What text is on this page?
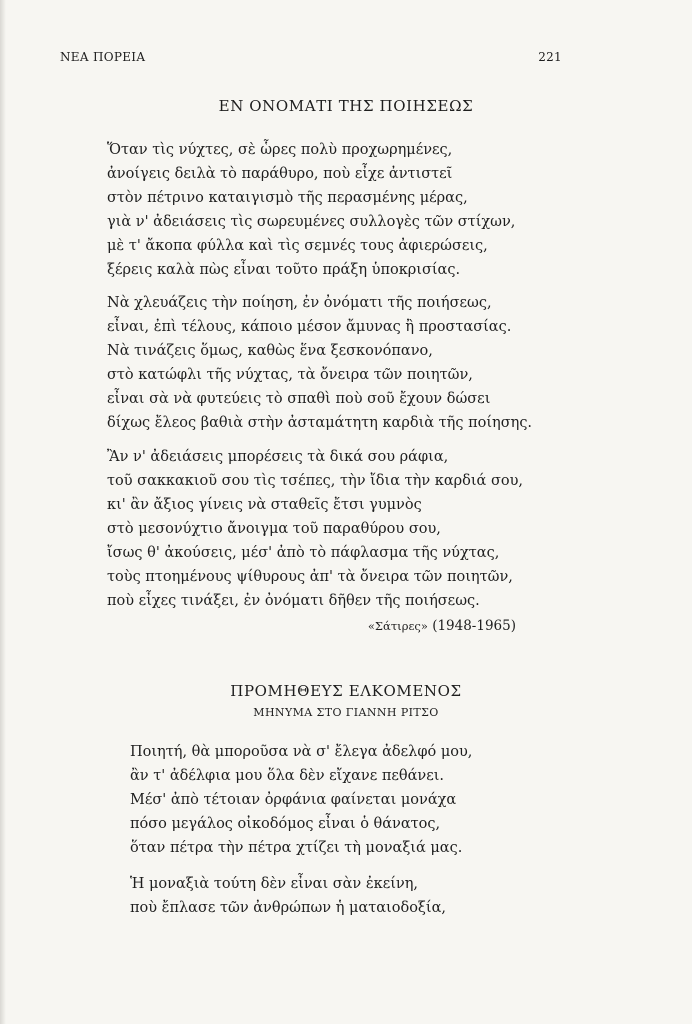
ΝΕΑ ΠΟΡΕΙΑ	221
ΕΝ ΟΝΟΜΑΤΙ ΤΗΣ ΠΟΙΗΣΕΩΣ
Ὅταν τὶς νύχτες, σὲ ὧρες πολὺ προχωρημένες,
ἀνοίγεις δειλὰ τὸ παράθυρο, ποὺ εἶχε ἀντιστεῖ
στὸν πέτρινο καταιγισμὸ τῆς περασμένης μέρας,
γιὰ ν' ἀδειάσεις τὶς σωρευμένες συλλογὲς τῶν στίχων,
μὲ τ' ἄκοπα φύλλα καὶ τὶς σεμνές τους ἀφιερώσεις,
ξέρεις καλὰ πὼς εἶναι τοῦτο πράξη ὑποκρισίας.
Νὰ χλευάζεις τὴν ποίηση, ἐν ὀνόματι τῆς ποιήσεως,
εἶναι, ἐπὶ τέλους, κάποιο μέσον ἄμυνας ἢ προστασίας.
Νὰ τινάζεις ὅμως, καθὼς ἕνα ξεσκονόπανο,
στὸ κατώφλι τῆς νύχτας, τὰ ὄνειρα τῶν ποιητῶν,
εἶναι σὰ νὰ φυτεύεις τὸ σπαθὶ ποὺ σοῦ ἔχουν δώσει
δίχως ἔλεος βαθιὰ στὴν ἀσταμάτητη καρδιὰ τῆς ποίησης.
Ἂν ν' ἀδειάσεις μπορέσεις τὰ δικά σου ράφια,
τοῦ σακκακιοῦ σου τὶς τσέπες, τὴν ἴδια τὴν καρδιά σου,
κι' ἂν ἄξιος γίνεις νὰ σταθεῖς ἔτσι γυμνὸς
στὸ μεσονύχτιο ἄνοιγμα τοῦ παραθύρου σου,
ἴσως θ' ἀκούσεις, μέσ' ἀπὸ τὸ πάφλασμα τῆς νύχτας,
τοὺς πτοημένους ψίθυρους ἀπ' τὰ ὄνειρα τῶν ποιητῶν,
ποὺ εἶχες τινάξει, ἐν ὀνόματι δῆθεν τῆς ποιήσεως.
«Σάτιρες» (1948-1965)
ΠΡΟΜΗΘΕΥΣ ΕΛΚΟΜΕΝΟΣ
ΜΗΝΥΜΑ ΣΤΟ ΓΙΑΝΝΗ ΡΙΤΣΟ
Ποιητή, θὰ μποροῦσα νὰ σ' ἔλεγα ἀδελφό μου,
ἂν τ' ἀδέλφια μου ὅλα δὲν εἴχανε πεθάνει.
Μέσ' ἀπὸ τέτοιαν ὀρφάνια φαίνεται μονάχα
πόσο μεγάλος οἰκοδόμος εἶναι ὁ θάνατος,
ὅταν πέτρα τὴν πέτρα χτίζει τὴ μοναξιά μας.
Ἡ μοναξιὰ τούτη δὲν εἶναι σὰν ἐκείνη,
ποὺ ἔπλασε τῶν ἀνθρώπων ἡ ματαιοδοξία,
